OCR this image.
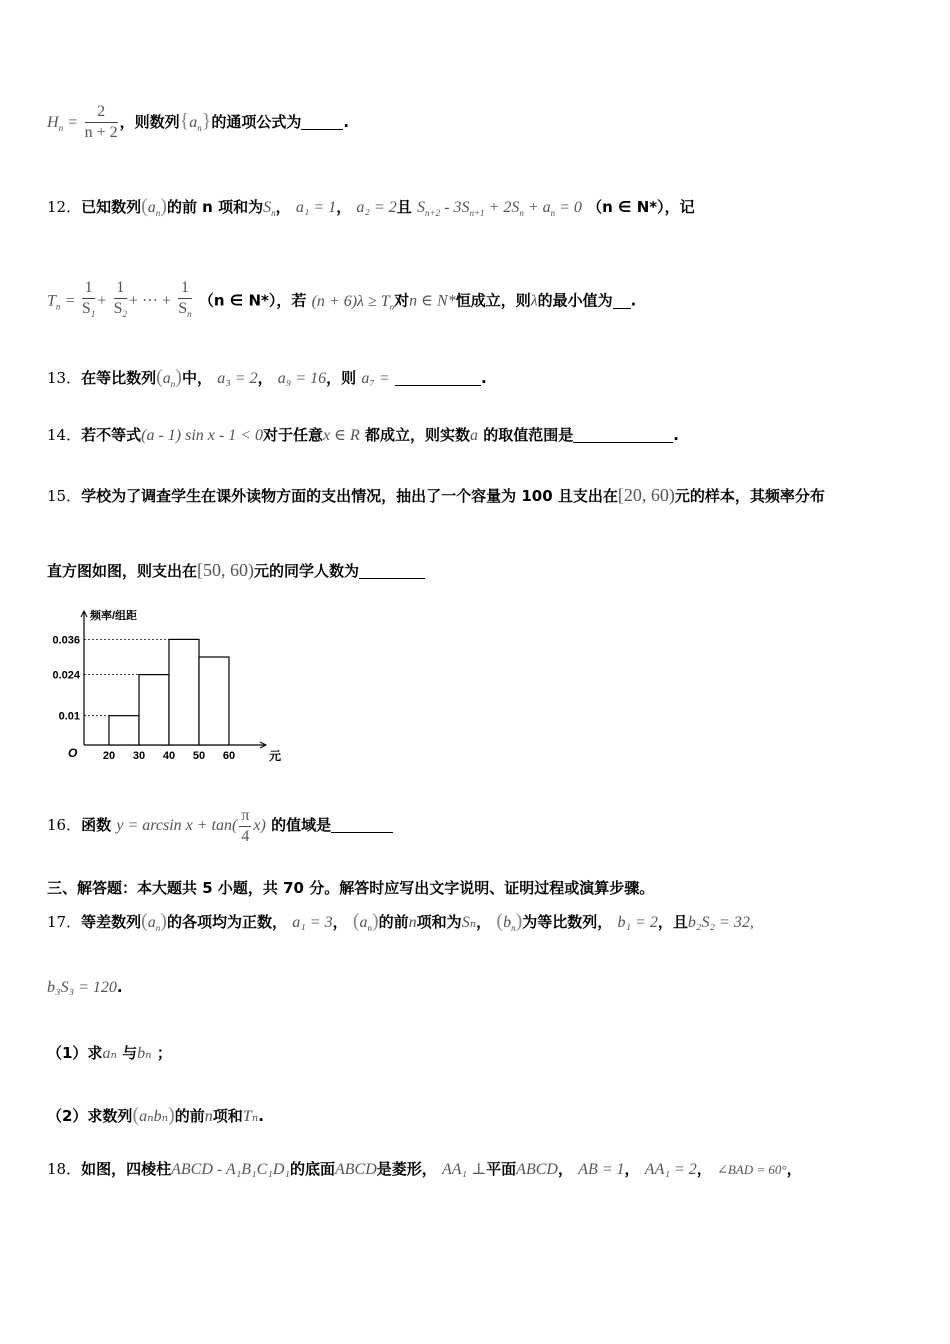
$H_n = \frac{2}{n + 2}$ ，则数列$\{a_n\}$的通项公式为	.
12．已知数列$(a_n)$的前 n 项和为$S_n$， a₁ = 1， a₂ = 2且 $S_{n+2} - 3S_{n+1} + 2S_n + a_n = 0$ （n ∈ N*），记
$T_n = \frac{1}{S_1} + \frac{1}{S_2}$ + ··· + $\frac{1}{S_n} (n$ ∈ N*），若 $(n + 6)\lambda \ge T_n$对n ∈ N*恒成立，则λ的最小值为 .
13．在等比数列$(a_n)$中， a₃ = 2， a₉ = 16，则 a₇ =	.
14．若不等式(a - 1) sin x - 1 < 0对于任意x ∈ R 都成立，则实数a 的取值范围是	.
15．学校为了调查学生在课外读物方面的支出情况，抽出了一个容量为 100 且支出在[20, 60)元的样本，其频率分布
直方图如图，则支出在[50, 60)元的同学人数为
频率/组距
元
O
0.036
0.024
0.01
20 30 40 50 60
16．函数 $y = \arcsin x + \tan( \frac{\pi}{4} x)$ 的值域是
三、解答题：本大题共 5 小题，共 70 分。解答时应写出文字说明、证明过程或演算步骤。
17．等差数列$(a_n)$的各项均为正数， a₁ = 3， $(a_n)$的前n项和为Sₙ， $(b_n)$为等比数列， b₁ = 2，且b₂S₂ = 32,
b₃S₃ = 120.
（1）求aₙ 与bₙ ；
（2）求数列(aₙbₙ)的前n项和Tₙ.
18．如图，四棱柱ABCD - A₁B₁C₁D₁的底面ABCD是菱形， AA₁ ⊥平面ABCD， AB = 1， AA₁ = 2， ∠BAD = 60°，
